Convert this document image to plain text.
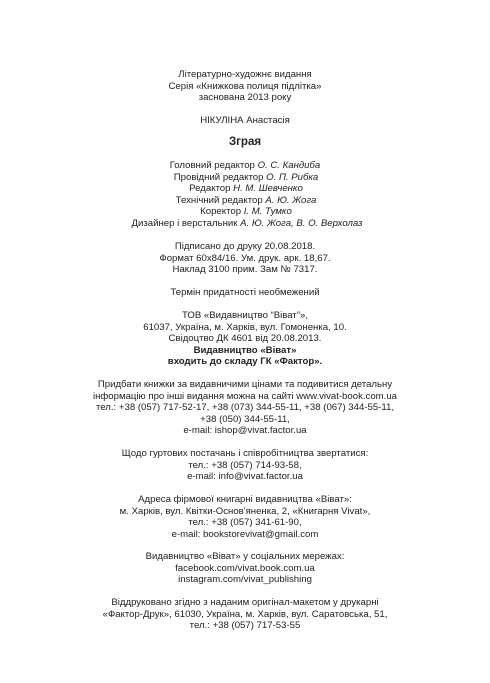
Літературно-художнє видання
Серія «Книжкова полиця підлітка»
заснована 2013 року
НІКУЛІНА Анастасія
Зграя
Головний редактор О. С. Кандиба
Провідний редактор О. П. Рибка
Редактор Н. М. Шевченко
Технічний редактор А. Ю. Жога
Коректор І. М. Тумко
Дизайнер і верстальник А. Ю. Жога, В. О. Верхолаз
Підписано до друку 20.08.2018.
Формат 60х84/16. Ум. друк. арк. 18,67.
Наклад 3100 прим. Зам № 7317.
Термін придатності необмежений
ТОВ «Видавництво “Віват”»,
61037, Україна, м. Харків, вул. Гомоненка, 10.
Свідоцтво ДК 4601 від 20.08.2013.
Видавництво «Віват»
входить до складу ГК «Фактор».
Придбати книжки за видавничими цінами та подивитися детальну
інформацію про інші видання можна на сайті www.vivat-book.com.ua
тел.: +38 (057) 717-52-17, +38 (073) 344-55-11, +38 (067) 344-55-11,
+38 (050) 344-55-11,
e-mail: ishop@vivat.factor.ua
Щодо гуртових постачань і співробітництва звертатися:
тел.: +38 (057) 714-93-58,
e-mail: info@vivat.factor.ua
Адреса фірмової книгарні видавництва «Віват»:
м. Харків, вул. Квітки-Основ'яненка, 2, «Книгарня Vivat»,
тел.: +38 (057) 341-61-90,
e-mail: bookstorevivat@gmail.com
Видавництво «Віват» у соціальних мережах:
facebook.com/vivat.book.com.ua
instagram.com/vivat_publishing
Віддруковано згідно з наданим оригінал-макетом у друкарні
«Фактор-Друк», 61030, Україна, м. Харків, вул. Саратовська, 51,
тел.: +38 (057) 717-53-55
